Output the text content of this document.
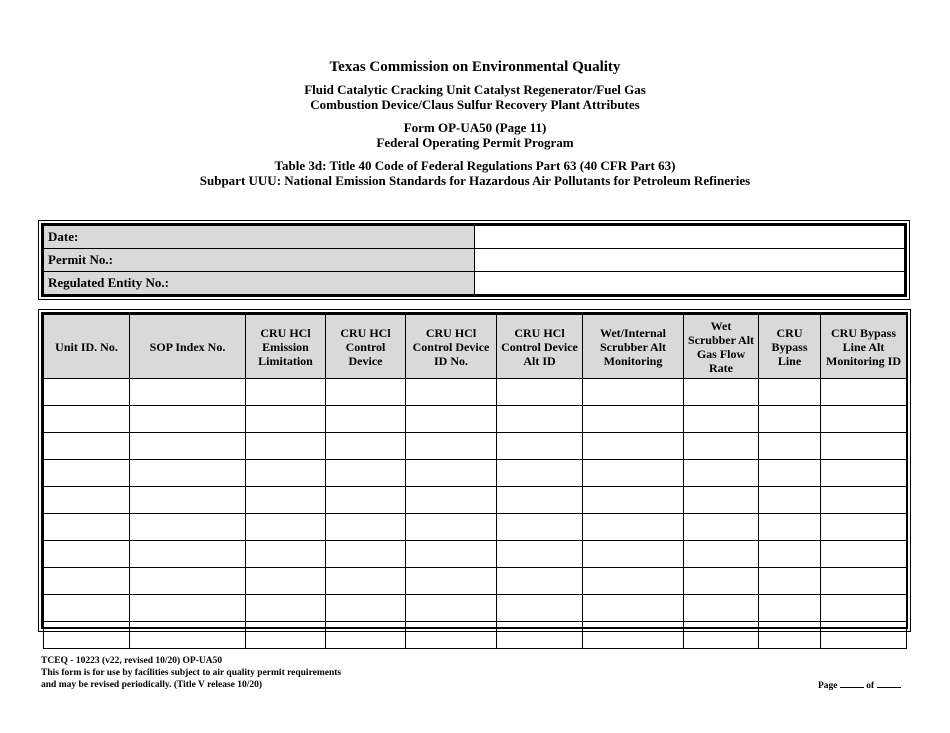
Texas Commission on Environmental Quality
Fluid Catalytic Cracking Unit Catalyst Regenerator/Fuel Gas
Combustion Device/Claus Sulfur Recovery Plant Attributes
Form OP-UA50 (Page 11)
Federal Operating Permit Program
Table 3d: Title 40 Code of Federal Regulations Part 63 (40 CFR Part 63)
Subpart UUU: National Emission Standards for Hazardous Air Pollutants for Petroleum Refineries
Date:	
Permit No.:	
Regulated Entity No.:	
Unit ID. No.	SOP Index No.	CRU HCl Emission Limitation	CRU HCl Control Device	CRU HCl Control Device ID No.	CRU HCl Control Device Alt ID	Wet/Internal Scrubber Alt Monitoring	Wet Scrubber Alt Gas Flow Rate	CRU Bypass Line	CRU Bypass Line Alt Monitoring ID

TCEQ - 10223 (v22, revised 10/20) OP-UA50
This form is for use by facilities subject to air quality permit requirements
and may be revised periodically. (Title V release 10/20)	Page	of
